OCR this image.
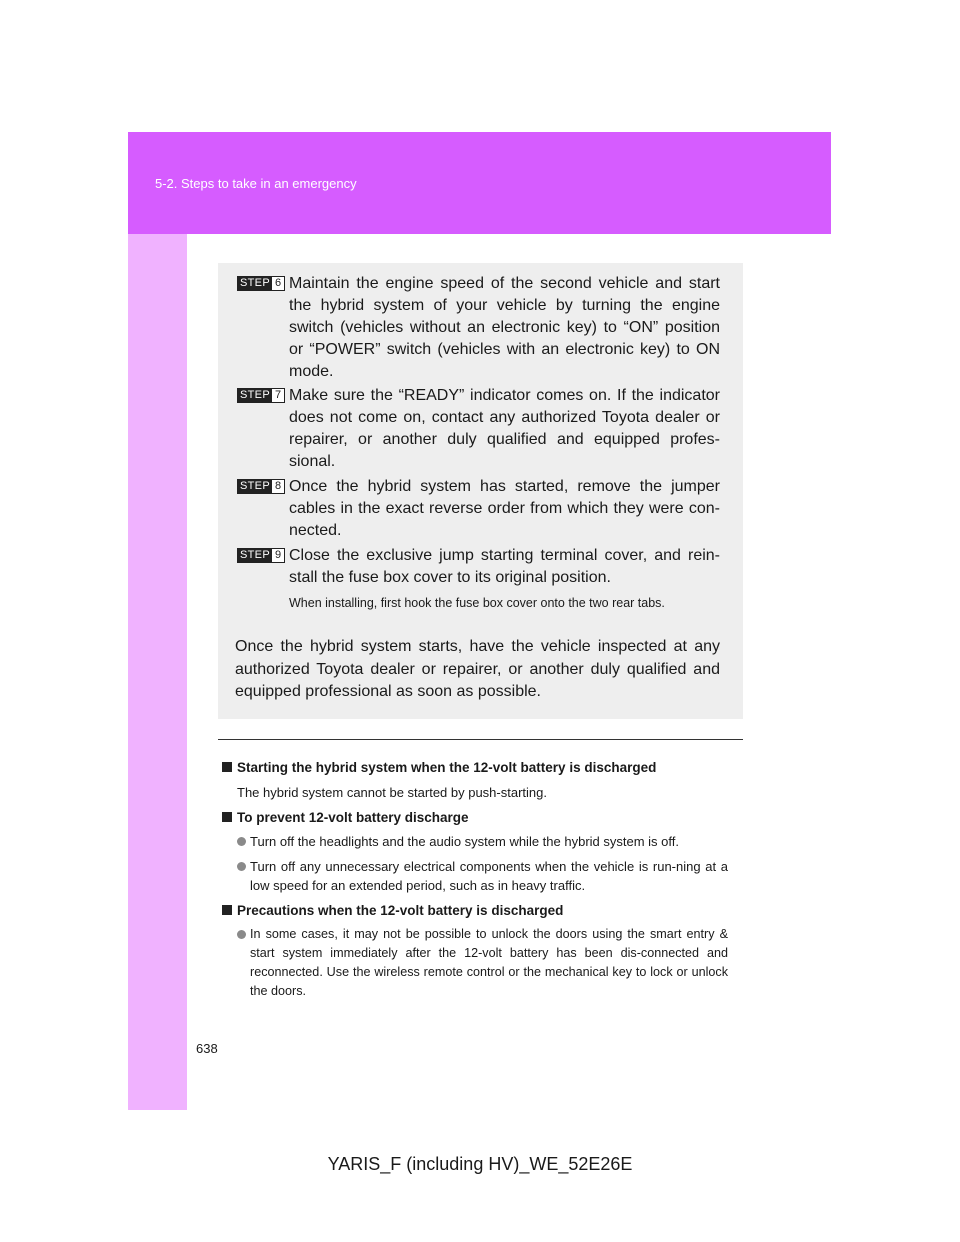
5-2. Steps to take in an emergency
STEP 6 Maintain the engine speed of the second vehicle and start the hybrid system of your vehicle by turning the engine switch (vehicles without an electronic key) to “ON” position or “POWER” switch (vehicles with an electronic key) to ON mode.
STEP 7 Make sure the “READY” indicator comes on. If the indicator does not come on, contact any authorized Toyota dealer or repairer, or another duly qualified and equipped profes-sional.
STEP 8 Once the hybrid system has started, remove the jumper cables in the exact reverse order from which they were con-nected.
STEP 9 Close the exclusive jump starting terminal cover, and rein-stall the fuse box cover to its original position.
When installing, first hook the fuse box cover onto the two rear tabs.
Once the hybrid system starts, have the vehicle inspected at any authorized Toyota dealer or repairer, or another duly qualified and equipped professional as soon as possible.
Starting the hybrid system when the 12-volt battery is discharged
The hybrid system cannot be started by push-starting.
To prevent 12-volt battery discharge
Turn off the headlights and the audio system while the hybrid system is off.
Turn off any unnecessary electrical components when the vehicle is run-ning at a low speed for an extended period, such as in heavy traffic.
Precautions when the 12-volt battery is discharged
In some cases, it may not be possible to unlock the doors using the smart entry & start system immediately after the 12-volt battery has been dis-connected and reconnected. Use the wireless remote control or the mechanical key to lock or unlock the doors.
638
YARIS_F (including HV)_WE_52E26E
